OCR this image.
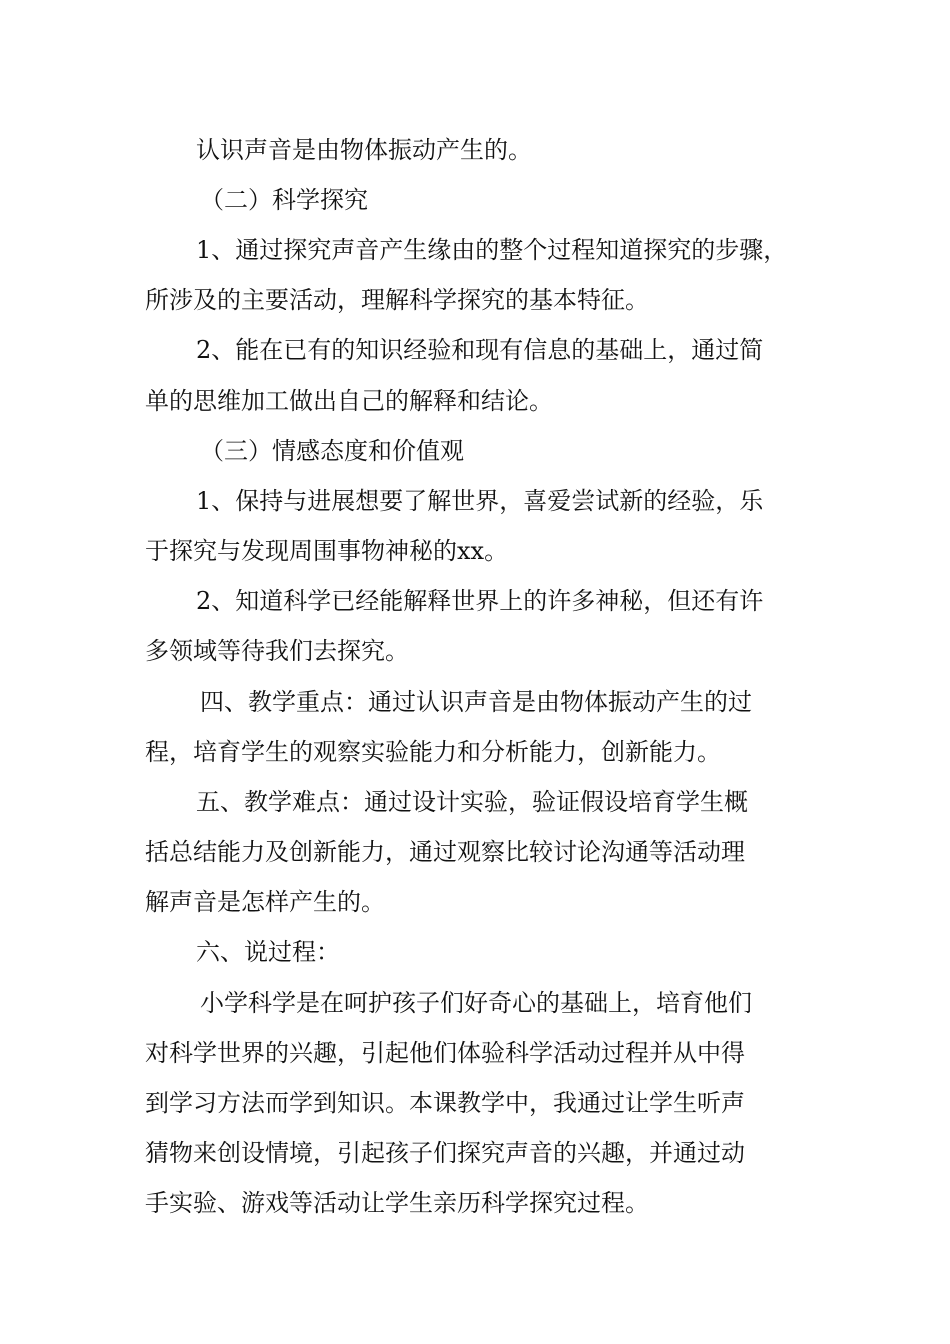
认识声音是由物体振动产生的。

（二）科学探究

1、通过探究声音产生缘由的整个过程知道探究的步骤，

所涉及的主要活动，理解科学探究的基本特征。

2、能在已有的知识经验和现有信息的基础上，通过简

单的思维加工做出自己的解释和结论。

（三）情感态度和价值观

1、保持与进展想要了解世界，喜爱尝试新的经验，乐

于探究与发现周围事物神秘的xx。

2、知道科学已经能解释世界上的许多神秘，但还有许

多领域等待我们去探究。

四、教学重点：通过认识声音是由物体振动产生的过

程，培育学生的观察实验能力和分析能力，创新能力。

五、教学难点：通过设计实验，验证假设培育学生概

括总结能力及创新能力，通过观察比较讨论沟通等活动理

解声音是怎样产生的。

六、说过程：

小学科学是在呵护孩子们好奇心的基础上，培育他们

对科学世界的兴趣，引起他们体验科学活动过程并从中得

到学习方法而学到知识。本课教学中，我通过让学生听声

猜物来创设情境，引起孩子们探究声音的兴趣，并通过动

手实验、游戏等活动让学生亲历科学探究过程。
